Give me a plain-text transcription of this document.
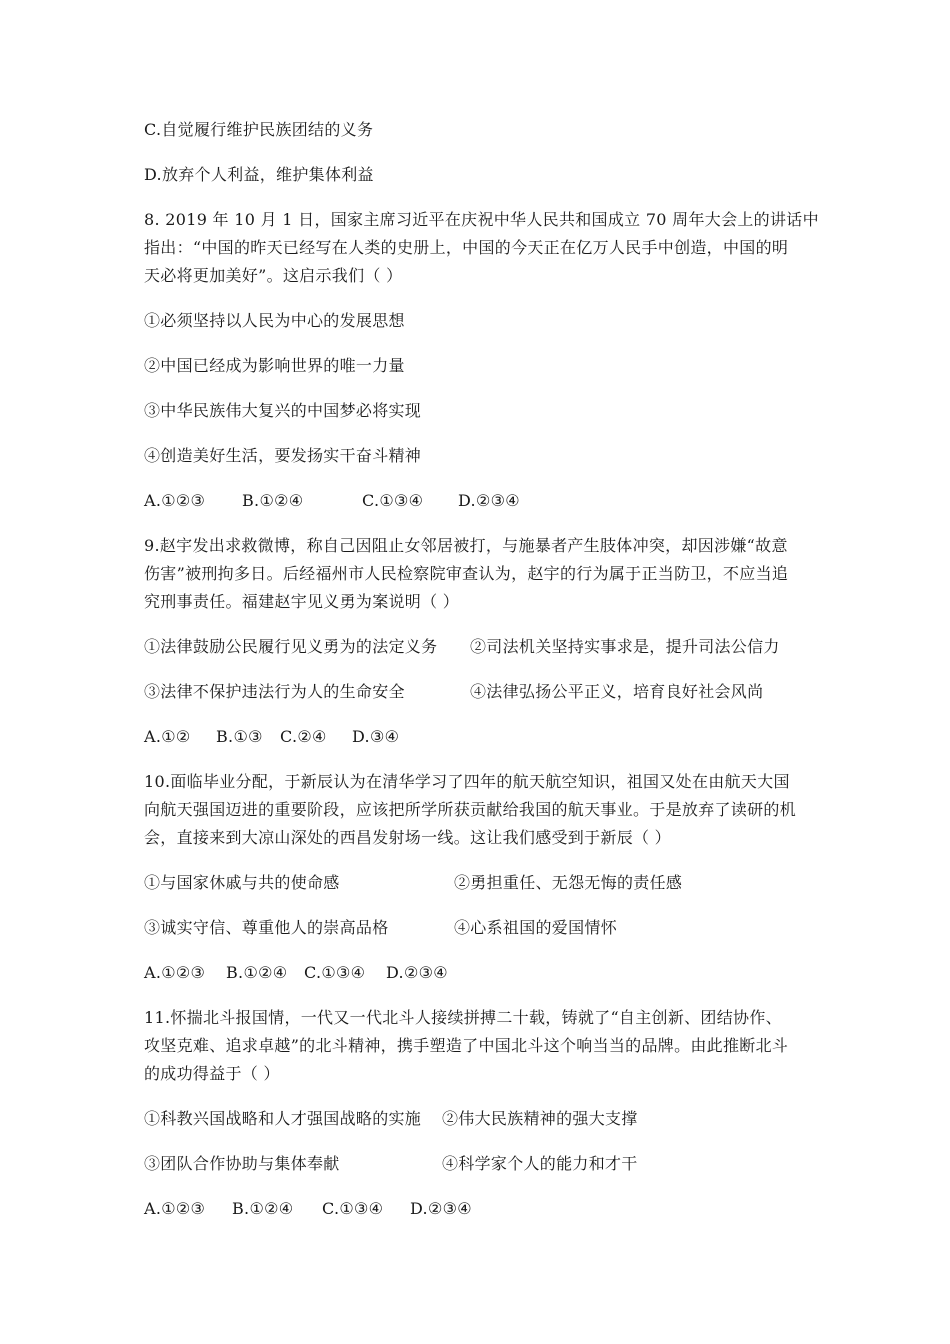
C.自觉履行维护民族团结的义务
D.放弃个人利益，维护集体利益
8. 2019 年 10 月 1 日，国家主席习近平在庆祝中华人民共和国成立 70 周年大会上的讲话中
指出：“中国的昨天已经写在人类的史册上，中国的今天正在亿万人民手中创造，中国的明
天必将更加美好”。这启示我们（ ）
①必须坚持以人民为中心的发展思想
②中国已经成为影响世界的唯一力量
③中华民族伟大复兴的中国梦必将实现
④创造美好生活，要发扬实干奋斗精神
A.①②③ B.①②④	C.①③④ D.②③④
9.赵宇发出求救微博，称自己因阻止女邻居被打，与施暴者产生肢体冲突，却因涉嫌“故意
伤害”被刑拘多日。后经福州市人民检察院审查认为，赵宇的行为属于正当防卫，不应当追
究刑事责任。福建赵宇见义勇为案说明（ ）
①法律鼓励公民履行见义勇为的法定义务 ②司法机关坚持实事求是，提升司法公信力
③法律不保护违法行为人的生命安全	④法律弘扬公平正义，培育良好社会风尚
A.①② B.①③ C.②④ D.③④
10.面临毕业分配，于新辰认为在清华学习了四年的航天航空知识，祖国又处在由航天大国
向航天强国迈进的重要阶段，应该把所学所获贡献给我国的航天事业。于是放弃了读研的机
会，直接来到大凉山深处的西昌发射场一线。这让我们感受到于新辰（ ）
①与国家休戚与共的使命感	②勇担重任、无怨无悔的责任感
③诚实守信、尊重他人的崇高品格	④心系祖国的爱国情怀
A.①②③ B.①②④ C.①③④ D.②③④
11.怀揣北斗报国情，一代又一代北斗人接续拼搏二十载，铸就了“自主创新、团结协作、
攻坚克难、追求卓越”的北斗精神，携手塑造了中国北斗这个响当当的品牌。由此推断北斗
的成功得益于（ ）
①科教兴国战略和人才强国战略的实施 ②伟大民族精神的强大支撑
③团队合作协助与集体奉献	④科学家个人的能力和才干
A.①②③ B.①②④ C.①③④ D.②③④
